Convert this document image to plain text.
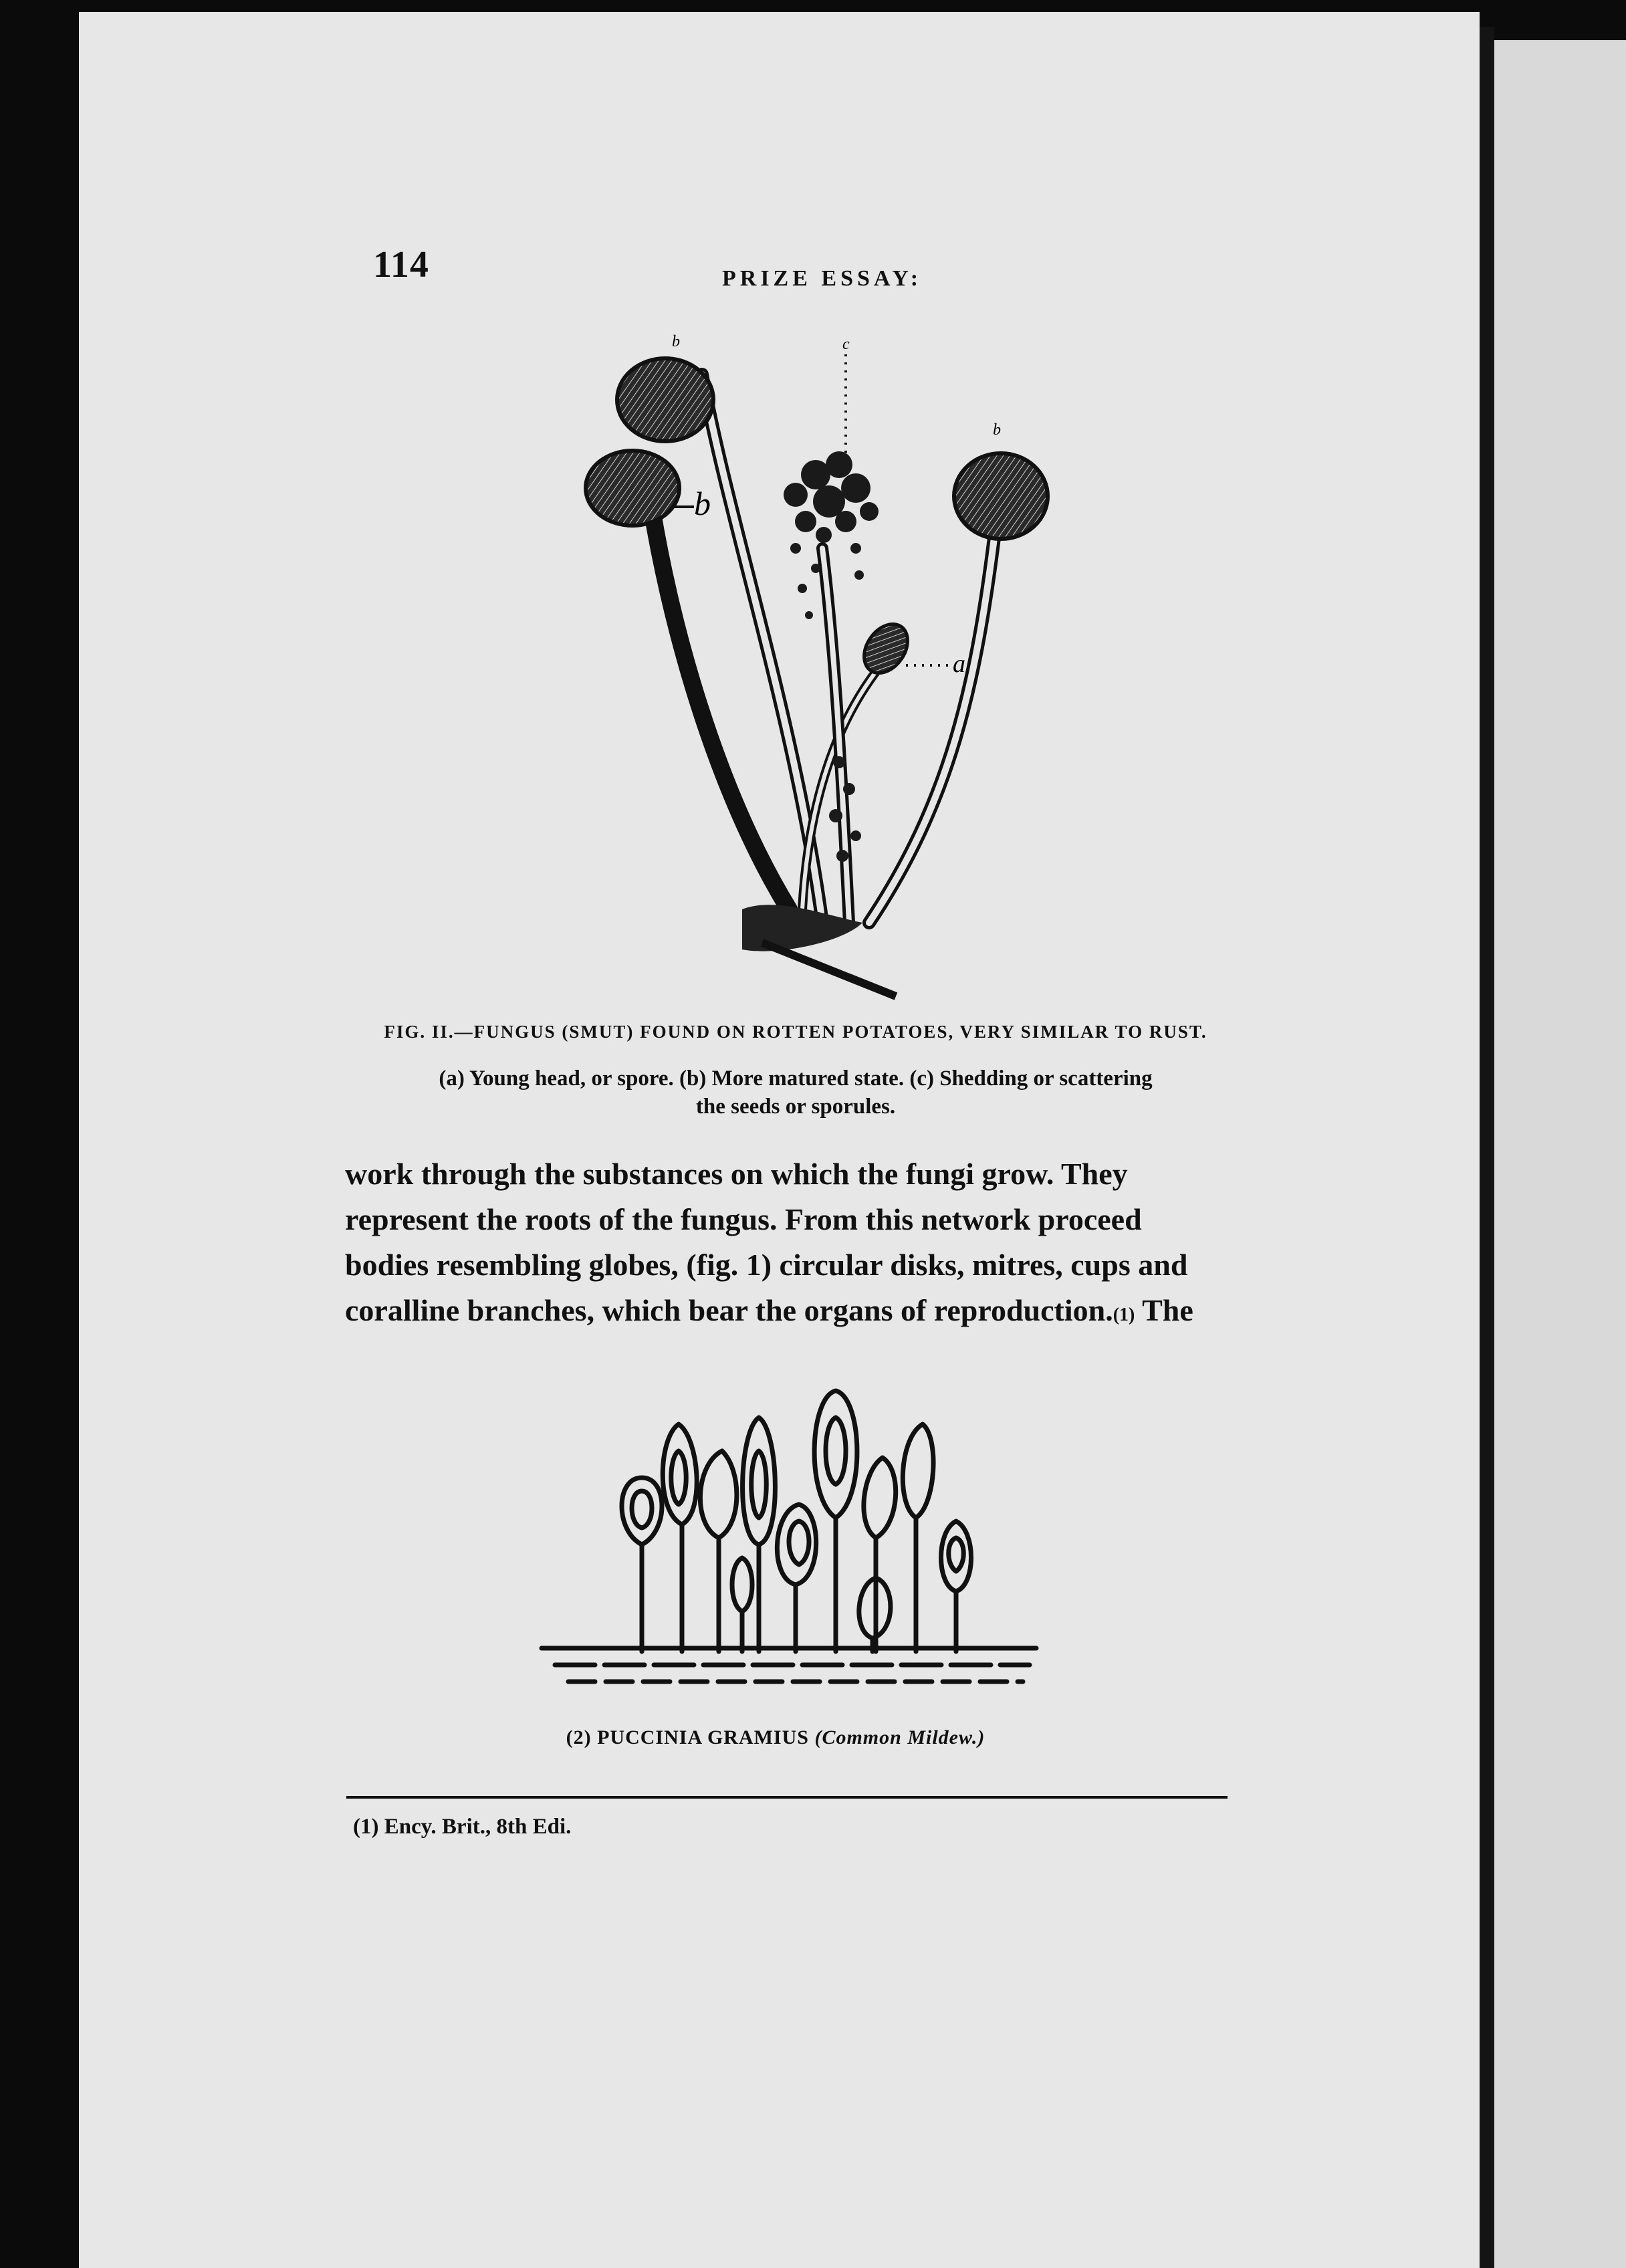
114	PRIZE ESSAY:
b	c
b
b
a
FIG. II.—FUNGUS (SMUT) FOUND ON ROTTEN POTATOES, VERY SIMILAR TO RUST.
(a) Young head, or spore. (b) More matured state. (c) Shedding or scattering
the seeds or sporules.

work through the substances on which the fungi grow. They

represent the roots of the fungus. From this network proceed

bodies resembling globes, (fig. 1) circular disks, mitres, cups and

coralline branches, which bear the organs of reproduction.(1) The

(2) PUCCINIA GRAMIUS (Common Mildew.)
(1) Ency. Brit., 8th Edi.
